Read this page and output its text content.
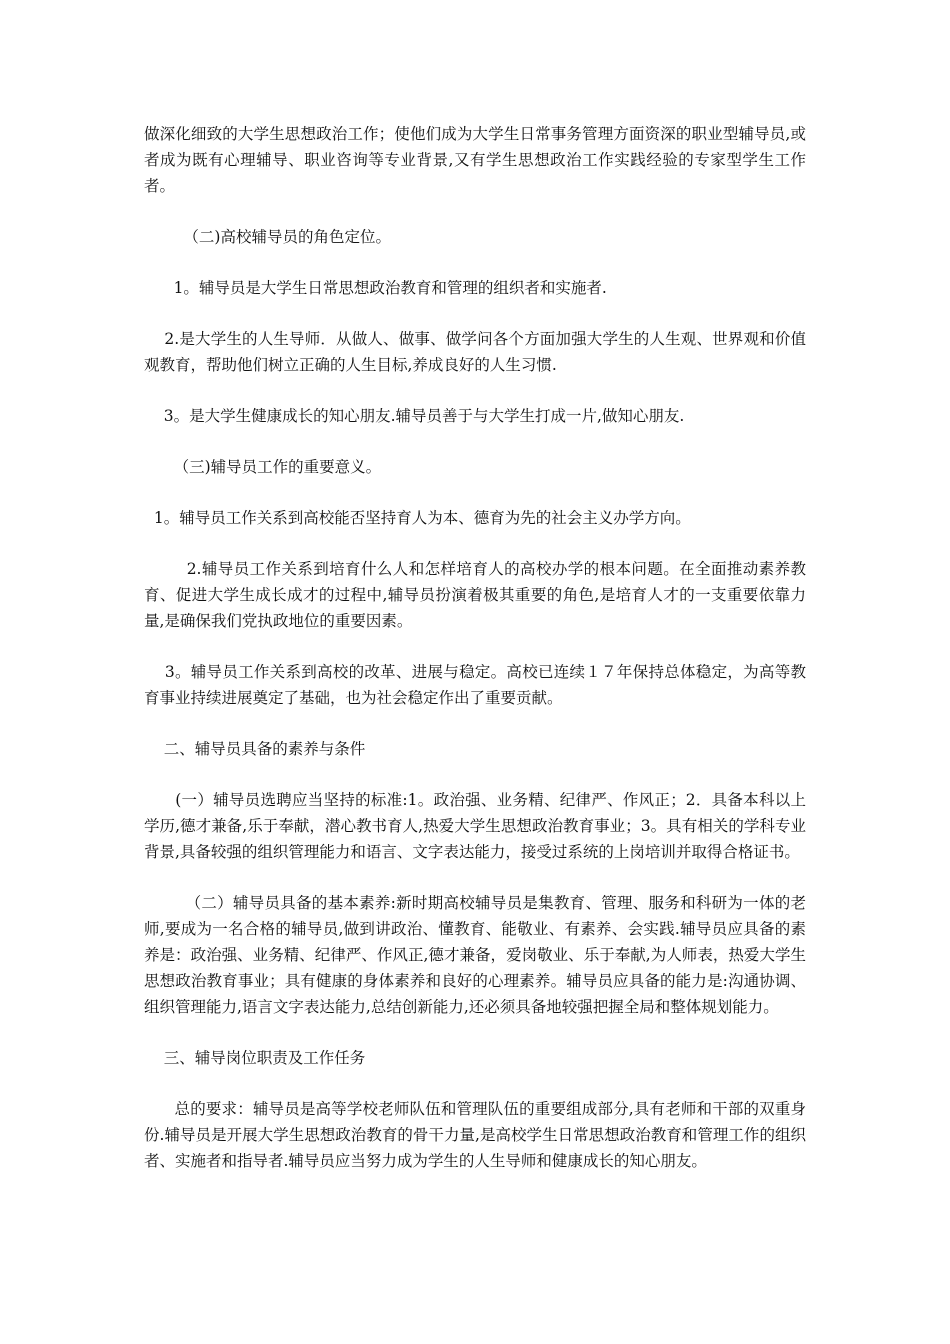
做深化细致的大学生思想政治工作；使他们成为大学生日常事务管理方面资深的职业型辅导员,或者成为既有心理辅导、职业咨询等专业背景,又有学生思想政治工作实践经验的专家型学生工作者。

（二)高校辅导员的角色定位。

1。辅导员是大学生日常思想政治教育和管理的组织者和实施者.

2.是大学生的人生导师．从做人、做事、做学问各个方面加强大学生的人生观、世界观和价值观教育，帮助他们树立正确的人生目标,养成良好的人生习惯.

3。是大学生健康成长的知心朋友.辅导员善于与大学生打成一片,做知心朋友.

（三)辅导员工作的重要意义。

1。辅导员工作关系到高校能否坚持育人为本、德育为先的社会主义办学方向。

2.辅导员工作关系到培育什么人和怎样培育人的高校办学的根本问题。在全面推动素养教育、促进大学生成长成才的过程中,辅导员扮演着极其重要的角色,是培育人才的一支重要依靠力量,是确保我们党执政地位的重要因素。

3。辅导员工作关系到高校的改革、进展与稳定。高校已连续１７年保持总体稳定，为高等教育事业持续进展奠定了基础，也为社会稳定作出了重要贡献。

二、辅导员具备的素养与条件

(一）辅导员选聘应当坚持的标准:1。政治强、业务精、纪律严、作风正；2．具备本科以上学历,德才兼备,乐于奉献，潜心教书育人,热爱大学生思想政治教育事业；3。具有相关的学科专业背景,具备较强的组织管理能力和语言、文字表达能力，接受过系统的上岗培训并取得合格证书。

（二）辅导员具备的基本素养:新时期高校辅导员是集教育、管理、服务和科研为一体的老师,要成为一名合格的辅导员,做到讲政治、懂教育、能敬业、有素养、会实践.辅导员应具备的素养是：政治强、业务精、纪律严、作风正,德才兼备，爱岗敬业、乐于奉献,为人师表，热爱大学生思想政治教育事业；具有健康的身体素养和良好的心理素养。辅导员应具备的能力是:沟通协调、组织管理能力,语言文字表达能力,总结创新能力,还必须具备地较强把握全局和整体规划能力。

三、辅导岗位职责及工作任务

总的要求：辅导员是高等学校老师队伍和管理队伍的重要组成部分,具有老师和干部的双重身份.辅导员是开展大学生思想政治教育的骨干力量,是高校学生日常思想政治教育和管理工作的组织者、实施者和指导者.辅导员应当努力成为学生的人生导师和健康成长的知心朋友。
